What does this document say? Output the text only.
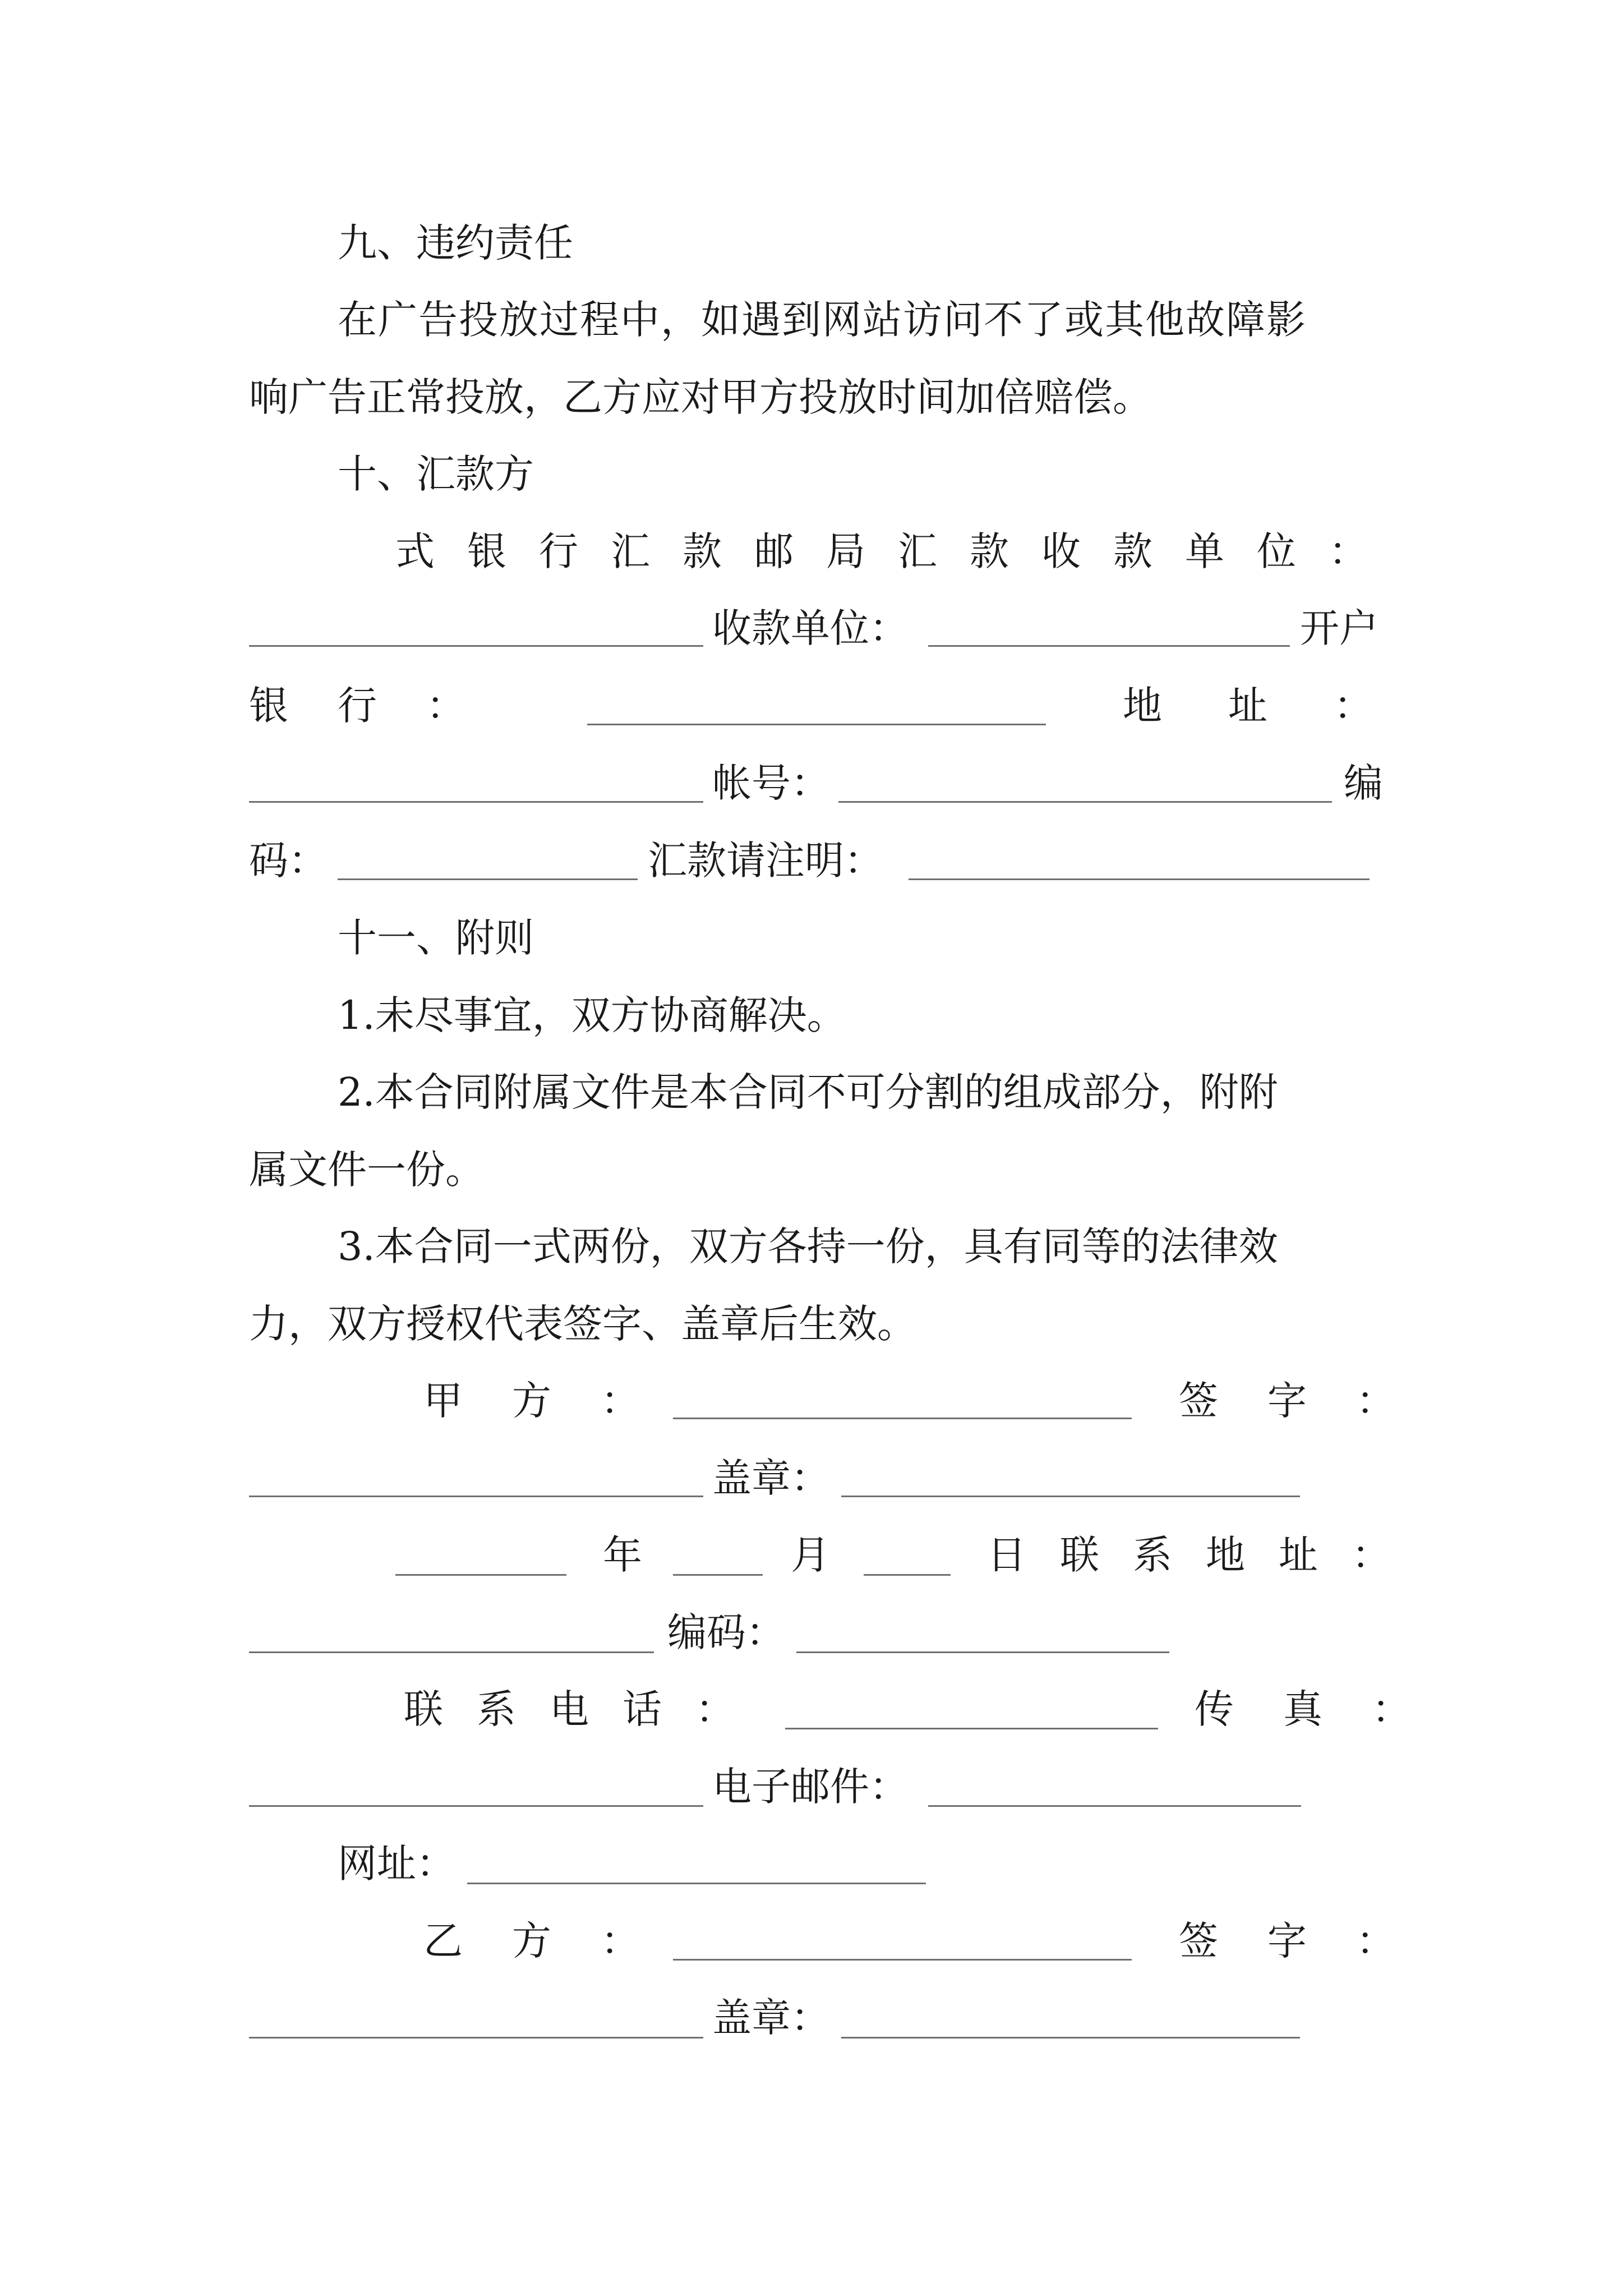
九、违约责任
在广告投放过程中，如遇到网站访问不了或其他故障影
响广告正常投放，乙方应对甲方投放时间加倍赔偿。
十、汇款方
式银行汇款邮局汇款收款单位：
收款单位：	开户
银行：	地址：
帐号：	编
码：	汇款请注明：
十一、附则
1.未尽事宜，双方协商解决。
2.本合同附属文件是本合同不可分割的组成部分，附附
属文件一份。
3.本合同一式两份，双方各持一份，具有同等的法律效
力，双方授权代表签字、盖章后生效。
甲方：	签字：
盖章：
年	月	日联系地址：
编码：
联系电话：	传真：
电子邮件：
网址：
乙方：	签字：
盖章：
